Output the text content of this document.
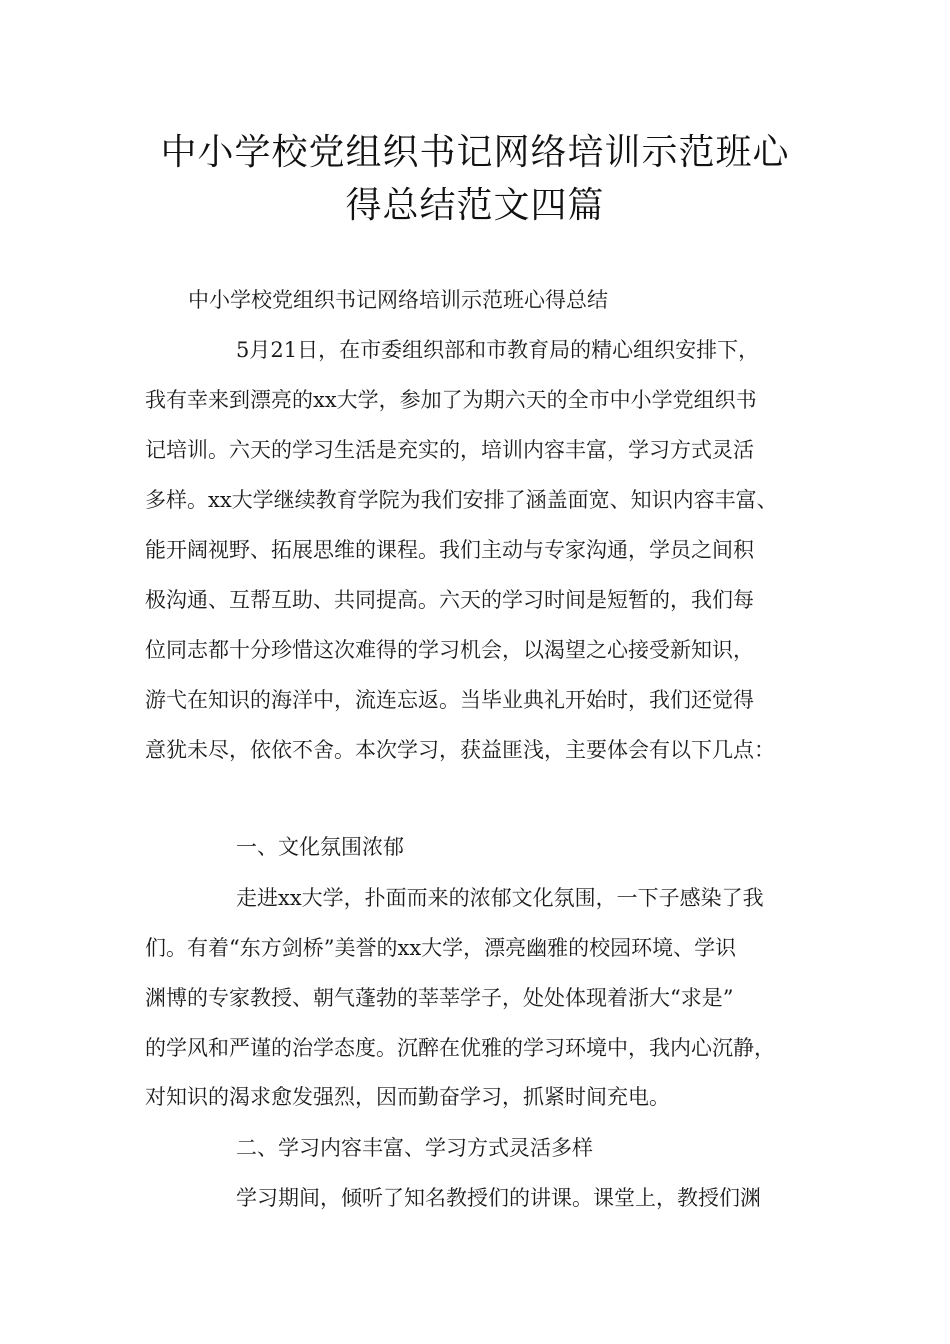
中小学校党组织书记网络培训示范班心
得总结范文四篇
中小学校党组织书记网络培训示范班心得总结
5月21日，在市委组织部和市教育局的精心组织安排下，
我有幸来到漂亮的xx大学，参加了为期六天的全市中小学党组织书
记培训。六天的学习生活是充实的，培训内容丰富，学习方式灵活
多样。xx大学继续教育学院为我们安排了涵盖面宽、知识内容丰富、
能开阔视野、拓展思维的课程。我们主动与专家沟通，学员之间积
极沟通、互帮互助、共同提高。六天的学习时间是短暂的，我们每
位同志都十分珍惜这次难得的学习机会，以渴望之心接受新知识，
游弋在知识的海洋中，流连忘返。当毕业典礼开始时，我们还觉得
意犹未尽，依依不舍。本次学习，获益匪浅，主要体会有以下几点：
一、文化氛围浓郁
走进xx大学，扑面而来的浓郁文化氛围，一下子感染了我
们。有着“东方剑桥”美誉的xx大学，漂亮幽雅的校园环境、学识
渊博的专家教授、朝气蓬勃的莘莘学子，处处体现着浙大“求是”
的学风和严谨的治学态度。沉醉在优雅的学习环境中，我内心沉静，
对知识的渴求愈发强烈，因而勤奋学习，抓紧时间充电。
二、学习内容丰富、学习方式灵活多样
学习期间，倾听了知名教授们的讲课。课堂上，教授们渊
